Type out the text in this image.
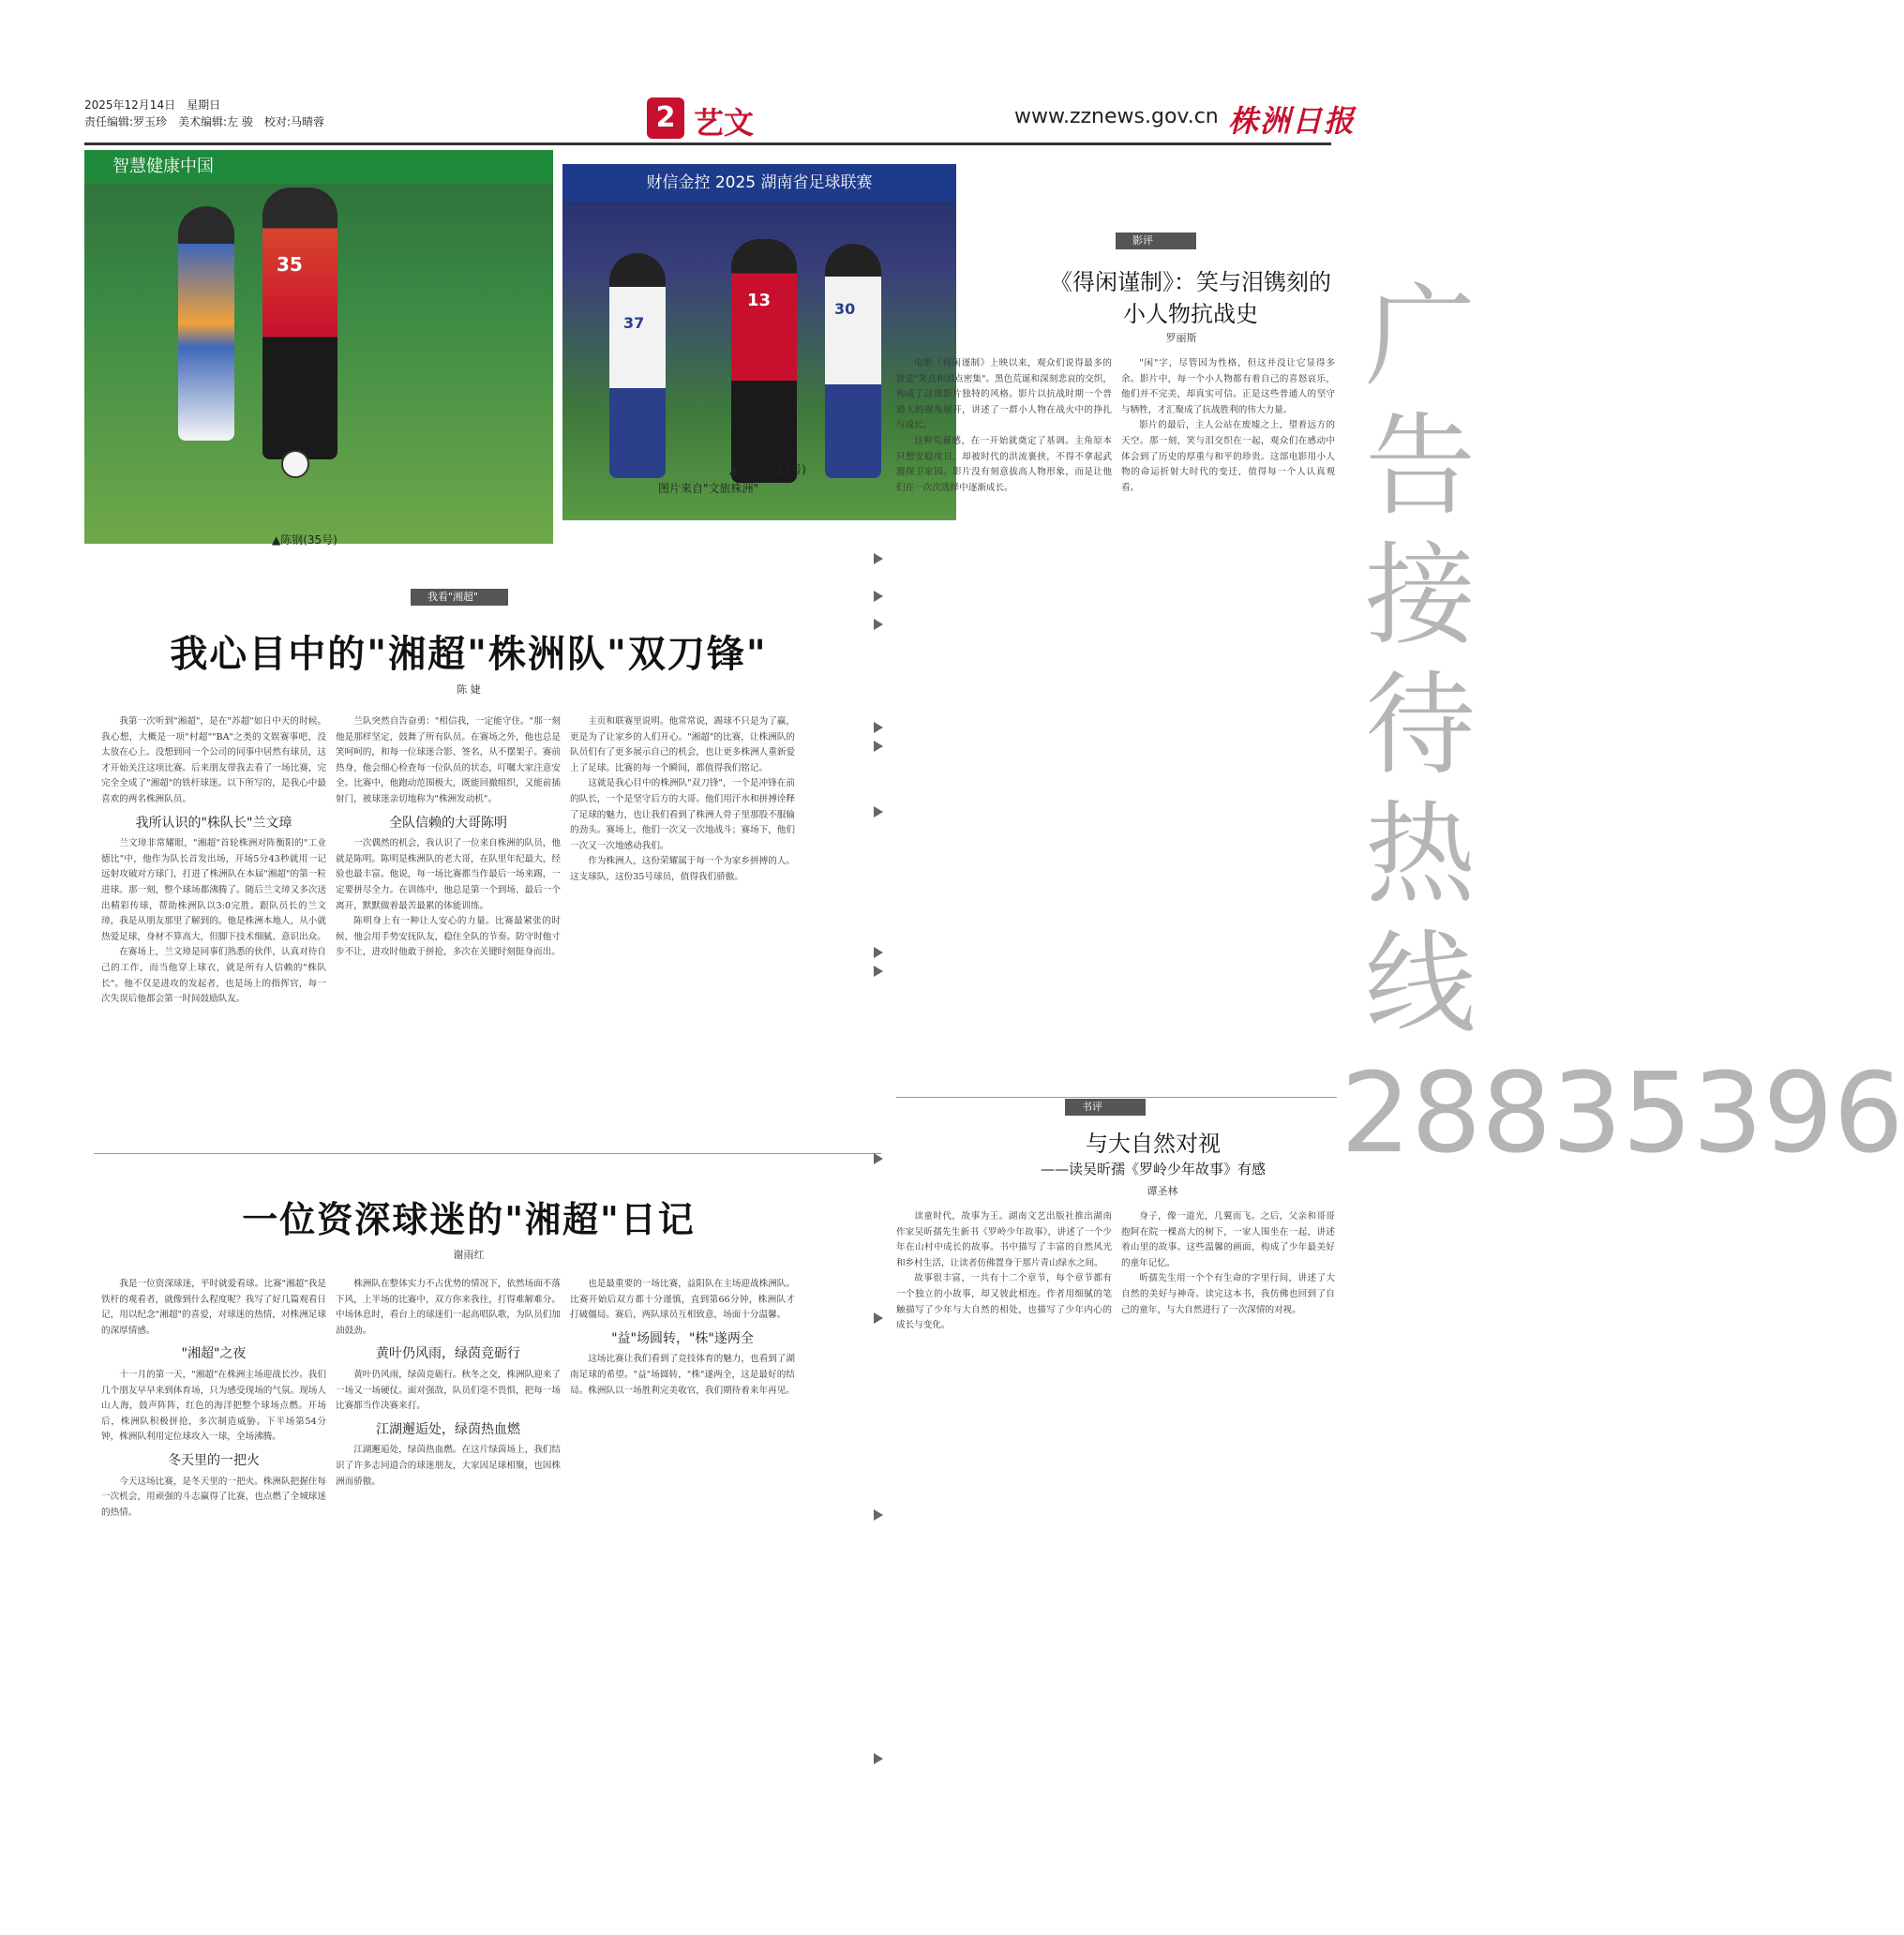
2025年12月14日　星期日
责任编辑:罗玉珍　美术编辑:左 骏　校对:马晴蓉	2 艺文	www.zznews.gov.cn 株洲日报
智慧健康中国
35
财信金控 2025 湖南省足球联赛
37
13	30
▲陈钢(35号)
▲兰文璋(13号)
图片来自"文旅株洲"
我看"湘超"▼
我心目中的"湘超"株洲队"双刀锋"
陈 婕

我第一次听到"湘超"，是在"苏超"如日中天的时候。我心想，大概是一项"村超""BA"之类的文娱赛事吧，没太放在心上。没想到同一个公司的同事中居然有球员，这才开始关注这项比赛。后来朋友带我去看了一场比赛，完完全全成了"湘超"的铁杆球迷。以下所写的，是我心中最喜欢的两名株洲队员。

我所认识的"株队长"兰文璋

兰文璋非常耀眼，"湘超"首轮株洲对阵衡阳的"工业德比"中，他作为队长首发出场，开场5分43秒就用一记远射攻破对方球门，打进了株洲队在本届"湘超"的第一粒进球。那一刻，整个球场都沸腾了。随后兰文璋又多次送出精彩传球，帮助株洲队以3:0完胜。跟队员长的兰文璋，我是从朋友那里了解到的。他是株洲本地人，从小就热爱足球，身材不算高大，但脚下技术细腻、意识出众。

在赛场上，兰文璋是同事们熟悉的伙伴，认真对待自己的工作，而当他穿上球衣，就是所有人信赖的"株队长"。他不仅是进攻的发起者，也是场上的指挥官，每一次失误后他都会第一时间鼓励队友。

兰队突然自告奋勇："相信我，一定能守住。"那一刻他是那样坚定，鼓舞了所有队员。在赛场之外，他也总是笑呵呵的，和每一位球迷合影、签名，从不摆架子。赛前热身，他会细心检查每一位队员的状态，叮嘱大家注意安全。比赛中，他跑动范围极大，既能回撤组织，又能前插射门，被球迷亲切地称为"株洲发动机"。

全队信赖的大哥陈明

一次偶然的机会，我认识了一位来自株洲的队员，他就是陈明。陈明是株洲队的老大哥，在队里年纪最大，经验也最丰富。他说，每一场比赛都当作最后一场来踢，一定要拼尽全力。在训练中，他总是第一个到场、最后一个离开，默默做着最苦最累的体能训练。

陈明身上有一种让人安心的力量。比赛最紧张的时候，他会用手势安抚队友，稳住全队的节奏。防守时他寸步不让，进攻时他敢于拼抢，多次在关键时刻挺身而出。

主页和联赛里说明。他常常说，踢球不只是为了赢，更是为了让家乡的人们开心。"湘超"的比赛，让株洲队的队员们有了更多展示自己的机会，也让更多株洲人重新爱上了足球。比赛的每一个瞬间，都值得我们铭记。

这就是我心目中的株洲队"双刀锋"，一个是冲锋在前的队长，一个是坚守后方的大哥。他们用汗水和拼搏诠释了足球的魅力，也让我们看到了株洲人骨子里那股不服输的劲头。赛场上，他们一次又一次地战斗；赛场下，他们一次又一次地感动我们。

作为株洲人，这份荣耀属于每一个为家乡拼搏的人。这支球队，这份35号球员，值得我们骄傲。

一位资深球迷的"湘超"日记
谢雨红

我是一位资深球迷，平时就爱看球。比赛"湘超"我是铁杆的观看者，就像到什么程度呢？我写了好几篇观看日记，用以纪念"湘超"的喜爱，对球迷的热情，对株洲足球的深厚情感。

"湘超"之夜

十一月的第一天，"湘超"在株洲主场迎战长沙。我们几个朋友早早来到体育场，只为感受现场的气氛。现场人山人海，鼓声阵阵，红色的海洋把整个球场点燃。开场后，株洲队积极拼抢，多次制造威胁。下半场第54分钟，株洲队利用定位球攻入一球，全场沸腾。

冬天里的一把火

今天这场比赛，是冬天里的一把火。株洲队把握住每一次机会，用顽强的斗志赢得了比赛，也点燃了全城球迷的热情。

株洲队在整体实力不占优势的情况下，依然场面不落下风，上半场的比赛中，双方你来我往，打得难解难分。中场休息时，看台上的球迷们一起高唱队歌，为队员们加油鼓劲。

黄叶仍风雨，绿茵竞砺行

黄叶仍风雨，绿茵竞砺行。秋冬之交，株洲队迎来了一场又一场硬仗。面对强敌，队员们毫不畏惧，把每一场比赛都当作决赛来打。

江湖邂逅处，绿茵热血燃

江湖邂逅处，绿茵热血燃。在这片绿茵场上，我们结识了许多志同道合的球迷朋友，大家因足球相聚，也因株洲而骄傲。

也是最重要的一场比赛，益阳队在主场迎战株洲队。比赛开始后双方都十分谨慎，直到第66分钟，株洲队才打破僵局。赛后，两队球员互相致意，场面十分温馨。

"益"场圆转，"株"遂两全

这场比赛让我们看到了竞技体育的魅力，也看到了湖南足球的希望。"益"场圆转，"株"遂两全，这是最好的结局。株洲队以一场胜利完美收官，我们期待着来年再见。

影评▼
《得闲谨制》：笑与泪镌刻的小人物抗战史
罗丽斯

电影《得闲谨制》上映以来，观众们说得最多的就是"笑点和泪点密集"。黑色荒诞和深刻悲哀的交织，构成了这部影片独特的风格。影片以抗战时期一个普通人的视角展开，讲述了一群小人物在战火中的挣扎与成长。

这种荒诞感，在一开始就奠定了基调。主角原本只想安稳度日，却被时代的洪流裹挟，不得不拿起武器保卫家园。影片没有刻意拔高人物形象，而是让他们在一次次选择中逐渐成长。

"闲"字，尽管因为性格，但这并没让它显得多余。影片中，每一个小人物都有着自己的喜怒哀乐，他们并不完美，却真实可信。正是这些普通人的坚守与牺牲，才汇聚成了抗战胜利的伟大力量。

影片的最后，主人公站在废墟之上，望着远方的天空。那一刻，笑与泪交织在一起，观众们在感动中体会到了历史的厚重与和平的珍贵。这部电影用小人物的命运折射大时代的变迁，值得每一个人认真观看。

书评▼
与大自然对视
——读吴昕孺《罗岭少年故事》有感
谭圣林

读童时代，故事为王。湖南文艺出版社推出湖南作家吴昕孺先生新书《罗岭少年故事》，讲述了一个少年在山村中成长的故事。书中描写了丰富的自然风光和乡村生活，让读者仿佛置身于那片青山绿水之间。

故事很丰富，一共有十二个章节，每个章节都有一个独立的小故事，却又彼此相连。作者用细腻的笔触描写了少年与大自然的相处，也描写了少年内心的成长与变化。

身子，像一道光，几翼而飞。之后，父亲和哥哥抱阿在院一棵高大的树下，一家人围坐在一起，讲述着山里的故事。这些温馨的画面，构成了少年最美好的童年记忆。

昕孺先生用一个个有生命的字里行间，讲述了大自然的美好与神奇。读完这本书，我仿佛也回到了自己的童年，与大自然进行了一次深情的对视。

广告接待热线 28835396
